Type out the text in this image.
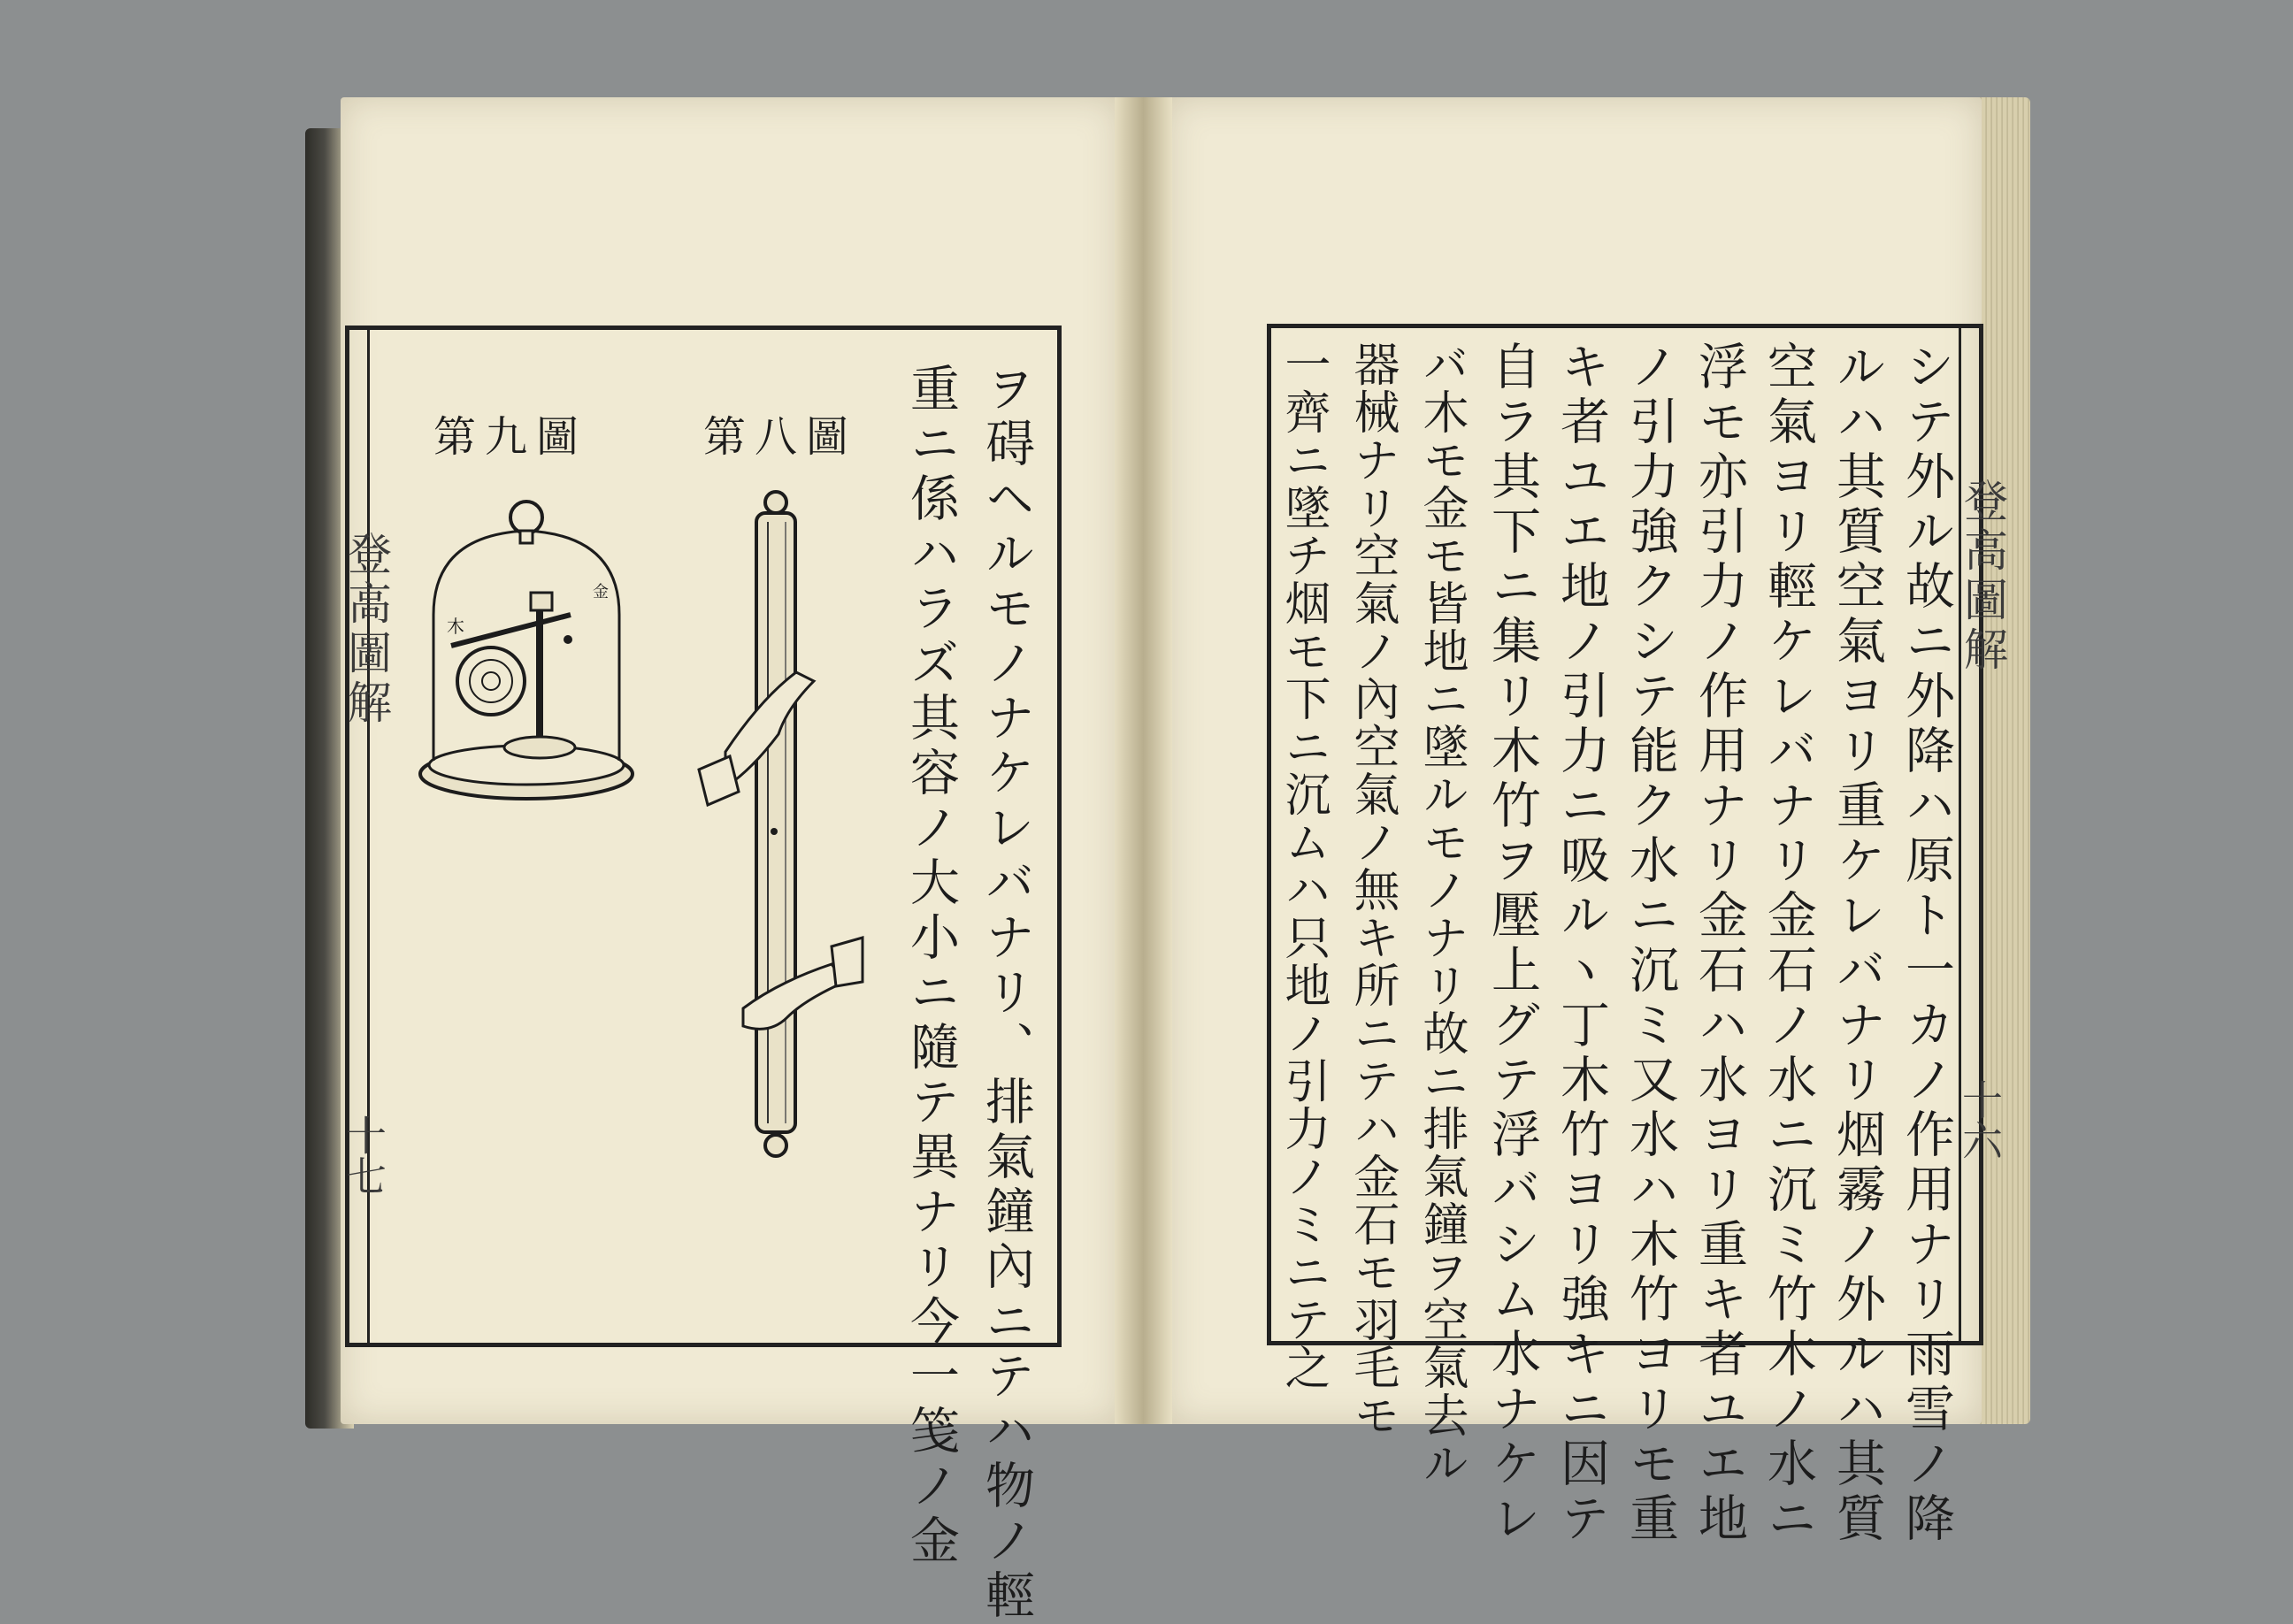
ヲ碍ヘルモノナケレバナリ、排氣鐘內ニテハ物ノ輕
重ニ係ハラズ其容ノ大小ニ隨テ異ナリ今一笺ノ金
第八圖
第九圖
木
金
登高圖解
十七	シテ外ル故ニ外降ハ原ト一カノ作用ナリ雨雪ノ降
ルハ其質空氣ヨリ重ケレバナリ烟霧ノ外ルハ其質
空氣ヨリ輕ケレバナリ金石ノ水ニ沉ミ竹木ノ水ニ
浮モ亦引力ノ作用ナリ金石ハ水ヨリ重キ者ユエ地
ノ引力強クシテ能ク水ニ沉ミ又水ハ木竹ヨリモ重
キ者ユエ地ノ引力ニ吸ルヽ丁木竹ヨリ強キニ因テ
自ラ其下ニ集リ木竹ヲ壓上グテ浮バシム水ナケレ
バ木モ金モ皆地ニ墜ルモノナリ故ニ排氣鐘ヲ空氣去ル
器械ナリ空氣ノ內空氣ノ無キ所ニテハ金石モ羽毛モ
一齊ニ墜チ烟モ下ニ沉ムハ只地ノ引力ノミニテ之	登高圖解
十六
